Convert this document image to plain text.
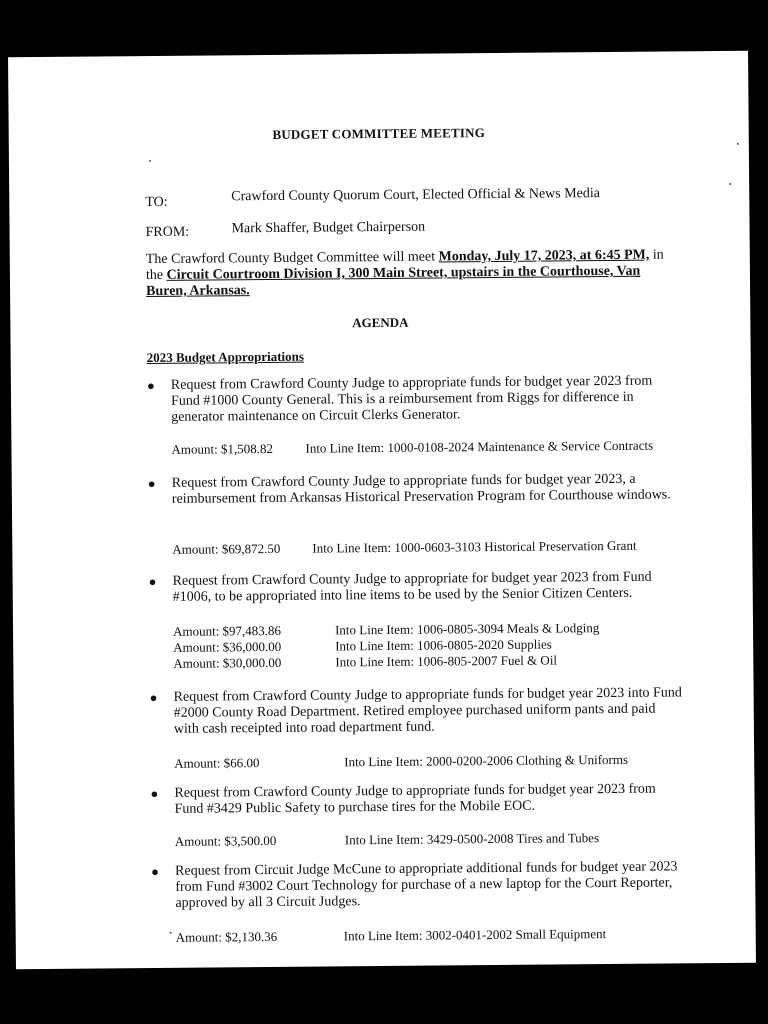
BUDGET COMMITTEE MEETING
TO:	Crawford County Quorum Court, Elected Official & News Media
FROM:	Mark Shaffer, Budget Chairperson
The Crawford County Budget Committee will meet Monday, July 17, 2023, at 6:45 PM, in the Circuit Courtroom Division I, 300 Main Street, upstairs in the Courthouse, Van Buren, Arkansas.
AGENDA
2023 Budget Appropriations
● Request from Crawford County Judge to appropriate funds for budget year 2023 from Fund #1000 County General. This is a reimbursement from Riggs for difference in generator maintenance on Circuit Clerks Generator.
Amount: $1,508.82 Into Line Item: 1000-0108-2024 Maintenance & Service Contracts
● Request from Crawford County Judge to appropriate funds for budget year 2023, a reimbursement from Arkansas Historical Preservation Program for Courthouse windows.
Amount: $69,872.50 Into Line Item: 1000-0603-3103 Historical Preservation Grant
● Request from Crawford County Judge to appropriate for budget year 2023 from Fund #1006, to be appropriated into line items to be used by the Senior Citizen Centers.
Amount: $97,483.86	Into Line Item: 1006-0805-3094 Meals & Lodging
Amount: $36,000.00	Into Line Item: 1006-0805-2020 Supplies
Amount: $30,000.00	Into Line Item: 1006-805-2007 Fuel & Oil
● Request from Crawford County Judge to appropriate funds for budget year 2023 into Fund #2000 County Road Department. Retired employee purchased uniform pants and paid with cash receipted into road department fund.
Amount: $66.00	Into Line Item: 2000-0200-2006 Clothing & Uniforms
● Request from Crawford County Judge to appropriate funds for budget year 2023 from Fund #3429 Public Safety to purchase tires for the Mobile EOC.
Amount: $3,500.00	Into Line Item: 3429-0500-2008 Tires and Tubes
● Request from Circuit Judge McCune to appropriate additional funds for budget year 2023 from Fund #3002 Court Technology for purchase of a new laptop for the Court Reporter, approved by all 3 Circuit Judges.
Amount: $2,130.36	Into Line Item: 3002-0401-2002 Small Equipment
